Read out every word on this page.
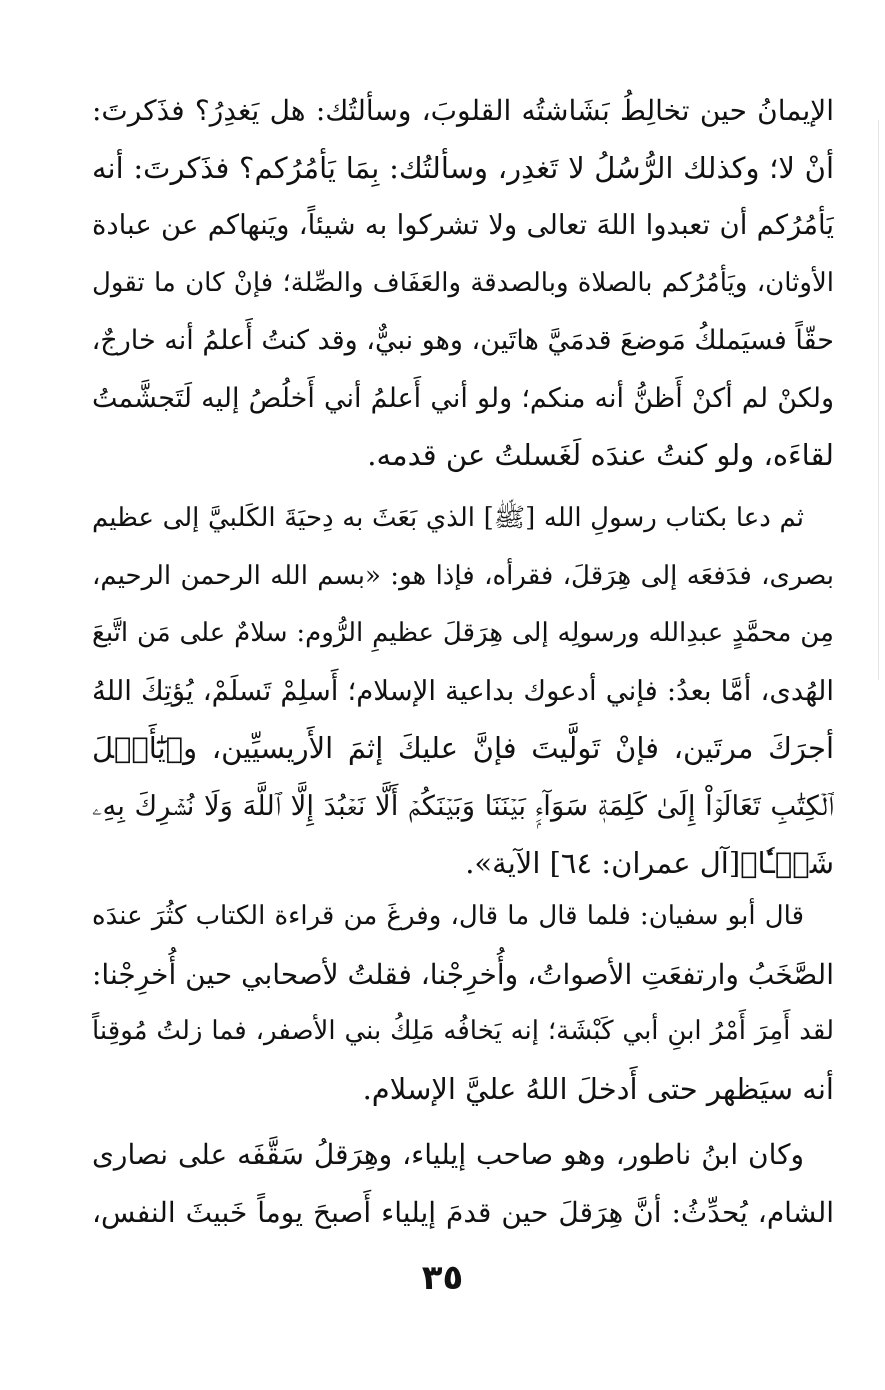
الإيمانُ حين تخالِطُ بَشَاشتُه القلوبَ، وسألتُك: هل يَغدِرُ؟ فذَكرتَ:
أنْ لا؛ وكذلك الرُّسُلُ لا تَغدِر، وسألتُك: بِمَا يَأمُرُكم؟ فذَكرتَ: أنه
يَأمُرُكم أن تعبدوا اللهَ تعالى ولا تشركوا به شيئاً، ويَنهاكم عن عبادة
الأوثان، ويَأمُرُكم بالصلاة وبالصدقة والعَفَاف والصِّلة؛ فإنْ كان ما تقول
حقّاً فسيَملكُ مَوضعَ قدمَيَّ هاتَين، وهو نبيٌّ، وقد كنتُ أَعلمُ أنه خارجٌ،
ولكنْ لم أكنْ أَظنُّ أنه منكم؛ ولو أني أَعلمُ أني أَخلُصُ إليه لَتَجشَّمتُ
لقاءَه، ولو كنتُ عندَه لَغَسلتُ عن قدمه.
ثم دعا بكتاب رسولِ الله [ﷺ] الذي بَعَثَ به دِحيَةَ الكَلبيَّ إلى عظيم
بصرى، فدَفعَه إلى هِرَقلَ، فقرأه، فإذا هو: «بسم الله الرحمن الرحيم،
مِن محمَّدٍ عبدِالله ورسولِه إلى هِرَقلَ عظيمِ الرُّوم: سلامٌ على مَن اتَّبعَ
الهُدى، أمَّا بعدُ: فإني أدعوك بداعية الإسلام؛ أَسلِمْ تَسلَمْ، يُؤتِكَ اللهُ
أجرَكَ مرتَين، فإنْ تَولَّيتَ فإنَّ عليكَ إثمَ الأَريسيِّين، و﴿يَٰٓأَهۡلَ
ٱلۡكِتَٰبِ تَعَالَوۡاْ إِلَىٰ كَلِمَةٖ سَوَآءِۭ بَيۡنَنَا وَبَيۡنَكُمۡ أَلَّا نَعۡبُدَ إِلَّا ٱللَّهَ وَلَا نُشۡرِكَ بِهِۦ
شَيۡـٔٗا﴾[آل عمران: ٦٤] الآية».
قال أبو سفيان: فلما قال ما قال، وفرغَ من قراءة الكتاب كثُرَ عندَه
الصَّخَبُ وارتفعَتِ الأصواتُ، وأُخرِجْنا، فقلتُ لأصحابي حين أُخرِجْنا:
لقد أَمِرَ أَمْرُ ابنِ أبي كَبْشَة؛ إنه يَخافُه مَلِكُ بني الأصفر، فما زلتُ مُوقِناً
أنه سيَظهر حتى أَدخلَ اللهُ عليَّ الإسلام.
وكان ابنُ ناطور، وهو صاحب إيلياء، وهِرَقلُ سَقَّفَه على نصارى
الشام، يُحدِّثُ: أنَّ هِرَقلَ حين قدمَ إيلياء أَصبحَ يوماً خَبيثَ النفس،
٣٥
